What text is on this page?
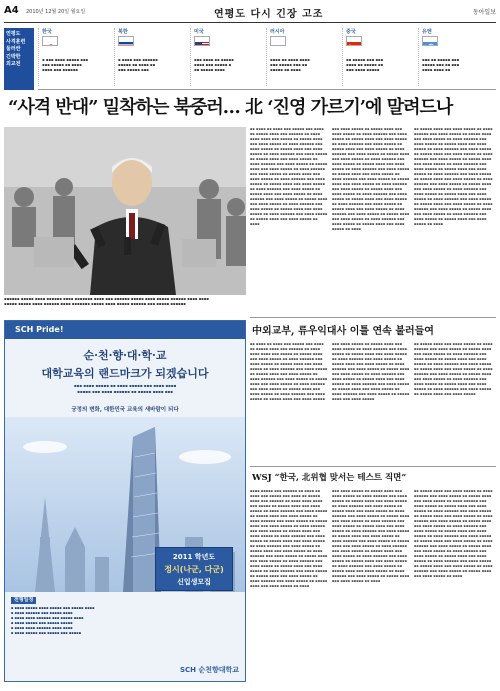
A4 2010년 12월 20일 월요일	연평도 다시 긴장 고조	동아일보
연평도
사격훈련
둘러싼
긴박한
외교전
한국
▪ ▪▪▪ ▪▪▪▪ ▪▪▪▪▪ ▪▪▪
▪▪▪ ▪▪▪▪▪ ▪▪ ▪▪▪▪
▪▪▪▪ ▪▪▪ ▪▪▪▪▪▪
북한
▪ ▪▪▪▪ ▪▪▪ ▪▪▪▪▪▪
▪▪▪▪▪ ▪▪ ▪▪▪▪ ▪▪
▪▪▪ ▪▪▪▪▪ ▪▪▪
미국
▪▪▪ ▪▪▪▪ ▪▪ ▪▪▪▪▪
▪▪▪▪ ▪▪▪ ▪▪▪▪▪ ▪
▪▪ ▪▪▪▪▪ ▪▪▪▪
러시아
▪▪▪▪ ▪▪ ▪▪▪▪ ▪▪▪▪
▪▪▪ ▪▪▪▪▪ ▪▪▪ ▪▪
▪▪▪▪▪ ▪▪ ▪▪▪▪
중국
▪▪ ▪▪▪▪▪ ▪▪▪ ▪▪▪
▪▪▪▪ ▪▪ ▪▪▪▪▪ ▪▪
▪▪▪ ▪▪▪▪ ▪▪▪▪▪
유엔
▪▪▪ ▪▪ ▪▪▪▪▪ ▪▪▪
▪▪▪▪▪ ▪▪▪ ▪▪ ▪▪▪
▪▪▪▪ ▪▪▪▪ ▪▪
“사격 반대” 밀착하는 북중러… 北 ‘진영 가르기’에 말려드나
▪▪▪▪▪▪ ▪▪▪▪▪ ▪▪▪▪ ▪▪▪▪▪▪ ▪▪▪▪ ▪▪▪▪▪▪▪ ▪▪▪▪ ▪▪▪ ▪▪▪▪▪▪ ▪▪▪▪▪ ▪▪▪▪ ▪▪▪▪▪ ▪▪▪▪▪▪ ▪▪▪▪ ▪▪▪▪
▪▪▪▪▪ ▪▪▪▪▪ ▪▪▪▪ ▪▪▪▪▪▪ ▪▪▪▪ ▪▪▪▪▪▪▪ ▪▪▪▪▪ ▪▪▪▪ ▪▪▪▪▪ ▪▪▪▪▪▪ ▪▪▪ ▪▪▪▪▪ ▪▪▪▪▪▪
▪▪ ▪▪▪▪ ▪▪ ▪▪▪▪ ▪▪▪ ▪▪▪▪▪ ▪▪▪ ▪▪▪▪ ▪▪ ▪▪▪▪▪ ▪▪▪▪ ▪▪▪ ▪▪▪▪▪▪ ▪▪ ▪▪▪▪ ▪▪▪▪ ▪▪▪▪ ▪▪▪ ▪▪▪▪▪ ▪▪ ▪▪▪▪▪ ▪▪▪▪ ▪▪▪ ▪▪▪▪ ▪▪▪▪▪ ▪▪ ▪▪▪▪ ▪▪▪▪▪▪ ▪▪▪ ▪▪▪▪ ▪▪▪▪▪ ▪▪ ▪▪▪▪▪ ▪▪▪▪ ▪▪▪ ▪▪▪▪ ▪▪▪▪▪ ▪▪ ▪▪▪▪ ▪▪▪▪▪▪ ▪▪▪ ▪▪▪▪ ▪▪▪▪▪ ▪▪ ▪▪▪▪▪ ▪▪▪▪ ▪▪▪ ▪▪▪▪ ▪▪▪▪▪ ▪▪ ▪▪▪▪ ▪▪▪▪▪▪ ▪▪▪ ▪▪▪▪ ▪▪▪▪▪ ▪▪ ▪▪▪▪▪ ▪▪▪▪ ▪▪▪ ▪▪▪▪ ▪▪▪▪▪ ▪▪ ▪▪▪▪ ▪▪▪▪▪▪ ▪▪▪ ▪▪▪▪ ▪▪▪▪▪ ▪▪ ▪▪▪▪▪ ▪▪▪▪ ▪▪▪ ▪▪▪▪ ▪▪▪▪▪ ▪▪ ▪▪▪▪ ▪▪▪▪▪▪ ▪▪▪ ▪▪▪▪ ▪▪▪▪▪ ▪▪ ▪▪▪▪▪ ▪▪▪▪ ▪▪▪ ▪▪▪▪ ▪▪▪▪▪ ▪▪ ▪▪▪▪ ▪▪▪▪▪▪ ▪▪▪ ▪▪▪▪ ▪▪▪▪▪ ▪▪ ▪▪▪▪▪ ▪▪▪▪ ▪▪▪ ▪▪▪▪ ▪▪▪▪▪ ▪▪ ▪▪▪▪ ▪▪▪▪▪▪ ▪▪▪ ▪▪▪▪ ▪▪▪▪▪ ▪▪ ▪▪▪▪▪ ▪▪▪▪ ▪▪▪ ▪▪▪▪ ▪▪▪▪▪ ▪▪ ▪▪▪▪ ▪▪▪▪▪▪ ▪▪▪ ▪▪▪▪ ▪▪▪▪▪ ▪▪ ▪▪▪▪▪ ▪▪▪▪ ▪▪▪ ▪▪▪▪ ▪▪▪▪▪ ▪▪ ▪▪▪▪ ▪▪▪▪▪▪ ▪▪▪ ▪▪▪▪ ▪▪▪▪▪ ▪▪ ▪▪▪▪▪ ▪▪▪▪ ▪▪▪ ▪▪▪▪ ▪▪▪▪▪ ▪▪ ▪▪▪▪
▪▪▪ ▪▪▪▪ ▪▪▪▪▪ ▪▪ ▪▪▪▪▪ ▪▪▪▪ ▪▪▪ ▪▪▪▪ ▪▪▪▪▪ ▪▪ ▪▪▪▪ ▪▪▪▪▪▪ ▪▪▪ ▪▪▪▪ ▪▪▪▪▪ ▪▪ ▪▪▪▪▪ ▪▪▪▪ ▪▪▪ ▪▪▪▪ ▪▪▪▪▪ ▪▪ ▪▪▪▪ ▪▪▪▪▪▪ ▪▪▪ ▪▪▪▪ ▪▪▪▪▪ ▪▪ ▪▪▪▪▪ ▪▪▪▪ ▪▪▪ ▪▪▪▪ ▪▪▪▪▪ ▪▪ ▪▪▪▪ ▪▪▪▪▪▪ ▪▪▪ ▪▪▪▪ ▪▪▪▪▪ ▪▪ ▪▪▪▪▪ ▪▪▪▪ ▪▪▪ ▪▪▪▪ ▪▪▪▪▪ ▪▪ ▪▪▪▪ ▪▪▪▪▪▪ ▪▪▪ ▪▪▪▪ ▪▪▪▪▪ ▪▪ ▪▪▪▪▪ ▪▪▪▪ ▪▪▪ ▪▪▪▪ ▪▪▪▪▪ ▪▪ ▪▪▪▪ ▪▪▪▪▪▪ ▪▪▪ ▪▪▪▪ ▪▪▪▪▪ ▪▪ ▪▪▪▪▪ ▪▪▪▪ ▪▪▪ ▪▪▪▪ ▪▪▪▪▪ ▪▪ ▪▪▪▪ ▪▪▪▪▪▪ ▪▪▪ ▪▪▪▪ ▪▪▪▪▪ ▪▪ ▪▪▪▪▪ ▪▪▪▪ ▪▪▪ ▪▪▪▪ ▪▪▪▪▪ ▪▪ ▪▪▪▪ ▪▪▪▪▪▪ ▪▪▪ ▪▪▪▪ ▪▪▪▪▪ ▪▪ ▪▪▪▪▪ ▪▪▪▪ ▪▪▪ ▪▪▪▪ ▪▪▪▪▪ ▪▪ ▪▪▪▪ ▪▪▪▪▪▪ ▪▪▪ ▪▪▪▪ ▪▪▪▪▪ ▪▪ ▪▪▪▪▪ ▪▪▪▪ ▪▪▪ ▪▪▪▪ ▪▪▪▪▪ ▪▪ ▪▪▪▪ ▪▪▪▪▪▪ ▪▪▪ ▪▪▪▪ ▪▪▪▪▪ ▪▪ ▪▪▪▪▪ ▪▪▪▪ ▪▪▪ ▪▪▪▪ ▪▪▪▪▪ ▪▪ ▪▪▪▪ ▪▪▪▪▪▪ ▪▪▪ ▪▪▪▪ ▪▪▪▪▪ ▪▪ ▪▪▪▪▪ ▪▪▪▪ ▪▪▪ ▪▪▪▪ ▪▪▪▪▪ ▪▪ ▪▪▪▪ ▪▪▪▪▪▪ ▪▪▪ ▪▪▪▪ ▪▪▪▪▪ ▪▪ ▪▪▪▪▪ ▪▪▪▪ ▪▪▪ ▪▪▪▪ ▪▪▪▪▪ ▪▪ ▪▪▪▪
▪▪ ▪▪▪▪▪ ▪▪▪▪ ▪▪▪ ▪▪▪▪ ▪▪▪▪▪ ▪▪ ▪▪▪▪ ▪▪▪▪▪▪ ▪▪▪ ▪▪▪▪ ▪▪▪▪▪ ▪▪ ▪▪▪▪▪ ▪▪▪▪ ▪▪▪ ▪▪▪▪ ▪▪▪▪▪ ▪▪ ▪▪▪▪ ▪▪▪▪▪▪ ▪▪▪ ▪▪▪▪ ▪▪▪▪▪ ▪▪ ▪▪▪▪▪ ▪▪▪▪ ▪▪▪ ▪▪▪▪ ▪▪▪▪▪ ▪▪ ▪▪▪▪ ▪▪▪▪▪▪ ▪▪▪ ▪▪▪▪ ▪▪▪▪▪ ▪▪ ▪▪▪▪▪ ▪▪▪▪ ▪▪▪ ▪▪▪▪ ▪▪▪▪▪ ▪▪ ▪▪▪▪ ▪▪▪▪▪▪ ▪▪▪ ▪▪▪▪ ▪▪▪▪▪ ▪▪ ▪▪▪▪▪ ▪▪▪▪ ▪▪▪ ▪▪▪▪ ▪▪▪▪▪ ▪▪ ▪▪▪▪ ▪▪▪▪▪▪ ▪▪▪ ▪▪▪▪ ▪▪▪▪▪ ▪▪ ▪▪▪▪▪ ▪▪▪▪ ▪▪▪ ▪▪▪▪ ▪▪▪▪▪ ▪▪ ▪▪▪▪ ▪▪▪▪▪▪ ▪▪▪ ▪▪▪▪ ▪▪▪▪▪ ▪▪ ▪▪▪▪▪ ▪▪▪▪ ▪▪▪ ▪▪▪▪ ▪▪▪▪▪ ▪▪ ▪▪▪▪ ▪▪▪▪▪▪ ▪▪▪ ▪▪▪▪ ▪▪▪▪▪ ▪▪ ▪▪▪▪▪ ▪▪▪▪ ▪▪▪ ▪▪▪▪ ▪▪▪▪▪ ▪▪ ▪▪▪▪ ▪▪▪▪▪▪ ▪▪▪ ▪▪▪▪ ▪▪▪▪▪ ▪▪ ▪▪▪▪▪ ▪▪▪▪ ▪▪▪ ▪▪▪▪ ▪▪▪▪▪ ▪▪ ▪▪▪▪ ▪▪▪▪▪▪ ▪▪▪ ▪▪▪▪ ▪▪▪▪▪ ▪▪ ▪▪▪▪▪ ▪▪▪▪ ▪▪▪ ▪▪▪▪ ▪▪▪▪▪ ▪▪ ▪▪▪▪ ▪▪▪▪▪▪ ▪▪▪ ▪▪▪▪ ▪▪▪▪▪ ▪▪ ▪▪▪▪▪ ▪▪▪▪ ▪▪▪ ▪▪▪▪ ▪▪▪▪▪ ▪▪ ▪▪▪▪ ▪▪▪▪▪▪ ▪▪▪ ▪▪▪▪ ▪▪▪▪▪ ▪▪ ▪▪▪▪▪ ▪▪▪▪ ▪▪▪ ▪▪▪▪ ▪▪▪▪▪ ▪▪ ▪▪▪▪
中외교부, 류우익대사 이틀 연속 불러들여
▪▪ ▪▪▪▪ ▪▪ ▪▪▪▪ ▪▪▪ ▪▪▪▪▪ ▪▪▪ ▪▪▪▪ ▪▪ ▪▪▪▪▪ ▪▪▪▪ ▪▪▪ ▪▪▪▪▪▪ ▪▪ ▪▪▪▪ ▪▪▪▪ ▪▪▪▪ ▪▪▪ ▪▪▪▪▪ ▪▪ ▪▪▪▪▪ ▪▪▪▪ ▪▪▪ ▪▪▪▪ ▪▪▪▪▪ ▪▪ ▪▪▪▪ ▪▪▪▪▪▪ ▪▪▪ ▪▪▪▪ ▪▪▪▪▪ ▪▪ ▪▪▪▪▪ ▪▪▪▪ ▪▪▪ ▪▪▪▪ ▪▪▪▪▪ ▪▪ ▪▪▪▪ ▪▪▪▪▪▪ ▪▪▪ ▪▪▪▪ ▪▪▪▪▪ ▪▪ ▪▪▪▪▪ ▪▪▪▪ ▪▪▪ ▪▪▪▪ ▪▪▪▪▪ ▪▪ ▪▪▪▪ ▪▪▪▪▪▪ ▪▪▪ ▪▪▪▪ ▪▪▪▪▪ ▪▪ ▪▪▪▪▪ ▪▪▪▪ ▪▪▪ ▪▪▪▪ ▪▪▪▪▪ ▪▪ ▪▪▪▪ ▪▪▪▪▪▪ ▪▪▪ ▪▪▪▪ ▪▪▪▪▪ ▪▪ ▪▪▪▪▪ ▪▪▪▪ ▪▪▪ ▪▪▪▪ ▪▪▪▪▪ ▪▪ ▪▪▪▪ ▪▪▪▪▪▪ ▪▪▪ ▪▪▪▪ ▪▪▪▪▪ ▪▪ ▪▪▪▪▪ ▪▪▪▪ ▪▪▪ ▪▪▪▪ ▪▪▪▪▪
▪▪▪ ▪▪▪▪ ▪▪▪▪▪ ▪▪ ▪▪▪▪▪ ▪▪▪▪ ▪▪▪ ▪▪▪▪ ▪▪▪▪▪ ▪▪ ▪▪▪▪ ▪▪▪▪▪▪ ▪▪▪ ▪▪▪▪ ▪▪▪▪▪ ▪▪ ▪▪▪▪▪ ▪▪▪▪ ▪▪▪ ▪▪▪▪ ▪▪▪▪▪ ▪▪ ▪▪▪▪ ▪▪▪▪▪▪ ▪▪▪ ▪▪▪▪ ▪▪▪▪▪ ▪▪ ▪▪▪▪▪ ▪▪▪▪ ▪▪▪ ▪▪▪▪ ▪▪▪▪▪ ▪▪ ▪▪▪▪ ▪▪▪▪▪▪ ▪▪▪ ▪▪▪▪ ▪▪▪▪▪ ▪▪ ▪▪▪▪▪ ▪▪▪▪ ▪▪▪ ▪▪▪▪ ▪▪▪▪▪ ▪▪ ▪▪▪▪ ▪▪▪▪▪▪ ▪▪▪ ▪▪▪▪ ▪▪▪▪▪ ▪▪ ▪▪▪▪▪ ▪▪▪▪ ▪▪▪ ▪▪▪▪ ▪▪▪▪▪ ▪▪ ▪▪▪▪ ▪▪▪▪▪▪ ▪▪▪ ▪▪▪▪ ▪▪▪▪▪ ▪▪ ▪▪▪▪▪ ▪▪▪▪ ▪▪▪ ▪▪▪▪ ▪▪▪▪▪ ▪▪ ▪▪▪▪ ▪▪▪▪▪▪ ▪▪▪ ▪▪▪▪ ▪▪▪▪▪ ▪▪ ▪▪▪▪▪ ▪▪▪▪ ▪▪▪ ▪▪▪▪ ▪▪▪▪▪
▪▪ ▪▪▪▪▪ ▪▪▪▪ ▪▪▪ ▪▪▪▪ ▪▪▪▪▪ ▪▪ ▪▪▪▪ ▪▪▪▪▪▪ ▪▪▪ ▪▪▪▪ ▪▪▪▪▪ ▪▪ ▪▪▪▪▪ ▪▪▪▪ ▪▪▪ ▪▪▪▪ ▪▪▪▪▪ ▪▪ ▪▪▪▪ ▪▪▪▪▪▪ ▪▪▪ ▪▪▪▪ ▪▪▪▪▪ ▪▪ ▪▪▪▪▪ ▪▪▪▪ ▪▪▪ ▪▪▪▪ ▪▪▪▪▪ ▪▪ ▪▪▪▪ ▪▪▪▪▪▪ ▪▪▪ ▪▪▪▪ ▪▪▪▪▪ ▪▪ ▪▪▪▪▪ ▪▪▪▪ ▪▪▪ ▪▪▪▪ ▪▪▪▪▪ ▪▪ ▪▪▪▪ ▪▪▪▪▪▪ ▪▪▪ ▪▪▪▪ ▪▪▪▪▪ ▪▪ ▪▪▪▪▪ ▪▪▪▪ ▪▪▪ ▪▪▪▪ ▪▪▪▪▪ ▪▪ ▪▪▪▪ ▪▪▪▪▪▪ ▪▪▪ ▪▪▪▪ ▪▪▪▪▪ ▪▪ ▪▪▪▪▪ ▪▪▪▪ ▪▪▪ ▪▪▪▪ ▪▪▪▪▪ ▪▪ ▪▪▪▪ ▪▪▪▪▪▪ ▪▪▪ ▪▪▪▪ ▪▪▪▪▪ ▪▪ ▪▪▪▪▪ ▪▪▪▪ ▪▪▪ ▪▪▪▪ ▪▪▪▪▪
WSJ “한국, 北위협 맞서는 테스트 직면”
▪▪▪▪ ▪▪▪▪▪ ▪▪▪ ▪▪▪▪▪▪ ▪▪ ▪▪▪▪ ▪▪ ▪▪▪▪ ▪▪▪ ▪▪▪▪▪ ▪▪▪ ▪▪▪▪ ▪▪ ▪▪▪▪▪ ▪▪▪▪ ▪▪▪ ▪▪▪▪▪▪ ▪▪ ▪▪▪▪ ▪▪▪▪ ▪▪▪▪ ▪▪▪ ▪▪▪▪▪ ▪▪ ▪▪▪▪▪ ▪▪▪▪ ▪▪▪ ▪▪▪▪ ▪▪▪▪▪ ▪▪ ▪▪▪▪ ▪▪▪▪▪▪ ▪▪▪ ▪▪▪▪ ▪▪▪▪▪ ▪▪ ▪▪▪▪▪ ▪▪▪▪ ▪▪▪ ▪▪▪▪ ▪▪▪▪▪ ▪▪ ▪▪▪▪ ▪▪▪▪▪▪ ▪▪▪ ▪▪▪▪ ▪▪▪▪▪ ▪▪ ▪▪▪▪▪ ▪▪▪▪ ▪▪▪ ▪▪▪▪ ▪▪▪▪▪ ▪▪ ▪▪▪▪ ▪▪▪▪▪▪ ▪▪▪ ▪▪▪▪ ▪▪▪▪▪ ▪▪ ▪▪▪▪▪ ▪▪▪▪ ▪▪▪ ▪▪▪▪ ▪▪▪▪▪ ▪▪ ▪▪▪▪ ▪▪▪▪▪▪ ▪▪▪ ▪▪▪▪ ▪▪▪▪▪ ▪▪ ▪▪▪▪▪ ▪▪▪▪ ▪▪▪ ▪▪▪▪ ▪▪▪▪▪ ▪▪ ▪▪▪▪ ▪▪▪▪▪▪ ▪▪▪ ▪▪▪▪ ▪▪▪▪▪ ▪▪ ▪▪▪▪▪ ▪▪▪▪ ▪▪▪ ▪▪▪▪ ▪▪▪▪▪ ▪▪ ▪▪▪▪ ▪▪▪▪▪▪ ▪▪▪ ▪▪▪▪ ▪▪▪▪▪ ▪▪ ▪▪▪▪▪ ▪▪▪▪ ▪▪▪ ▪▪▪▪ ▪▪▪▪▪ ▪▪ ▪▪▪▪ ▪▪▪▪▪▪ ▪▪▪ ▪▪▪▪ ▪▪▪▪▪ ▪▪ ▪▪▪▪▪ ▪▪▪▪ ▪▪▪ ▪▪▪▪ ▪▪▪▪▪ ▪▪ ▪▪▪▪ ▪▪▪▪▪▪ ▪▪▪ ▪▪▪▪ ▪▪▪▪▪ ▪▪ ▪▪▪▪▪ ▪▪▪▪ ▪▪▪ ▪▪▪▪ ▪▪▪▪▪ ▪▪ ▪▪▪▪ ▪▪▪▪▪▪ ▪▪▪ ▪▪▪▪ ▪▪▪▪▪ ▪▪ ▪▪▪▪▪ ▪▪▪▪ ▪▪▪ ▪▪▪▪ ▪▪▪▪▪ ▪▪ ▪▪▪▪
▪▪▪ ▪▪▪▪ ▪▪▪▪▪ ▪▪ ▪▪▪▪▪ ▪▪▪▪ ▪▪▪ ▪▪▪▪ ▪▪▪▪▪ ▪▪ ▪▪▪▪ ▪▪▪▪▪▪ ▪▪▪ ▪▪▪▪ ▪▪▪▪▪ ▪▪ ▪▪▪▪▪ ▪▪▪▪ ▪▪▪ ▪▪▪▪ ▪▪▪▪▪ ▪▪ ▪▪▪▪ ▪▪▪▪▪▪ ▪▪▪ ▪▪▪▪ ▪▪▪▪▪ ▪▪ ▪▪▪▪▪ ▪▪▪▪ ▪▪▪ ▪▪▪▪ ▪▪▪▪▪ ▪▪ ▪▪▪▪ ▪▪▪▪▪▪ ▪▪▪ ▪▪▪▪ ▪▪▪▪▪ ▪▪ ▪▪▪▪▪ ▪▪▪▪ ▪▪▪ ▪▪▪▪ ▪▪▪▪▪ ▪▪ ▪▪▪▪ ▪▪▪▪▪▪ ▪▪▪ ▪▪▪▪ ▪▪▪▪▪ ▪▪ ▪▪▪▪▪ ▪▪▪▪ ▪▪▪ ▪▪▪▪ ▪▪▪▪▪ ▪▪ ▪▪▪▪ ▪▪▪▪▪▪ ▪▪▪ ▪▪▪▪ ▪▪▪▪▪ ▪▪ ▪▪▪▪▪ ▪▪▪▪ ▪▪▪ ▪▪▪▪ ▪▪▪▪▪ ▪▪ ▪▪▪▪ ▪▪▪▪▪▪ ▪▪▪ ▪▪▪▪ ▪▪▪▪▪ ▪▪ ▪▪▪▪▪ ▪▪▪▪ ▪▪▪ ▪▪▪▪ ▪▪▪▪▪ ▪▪ ▪▪▪▪ ▪▪▪▪▪▪ ▪▪▪ ▪▪▪▪ ▪▪▪▪▪ ▪▪ ▪▪▪▪▪ ▪▪▪▪ ▪▪▪ ▪▪▪▪ ▪▪▪▪▪ ▪▪ ▪▪▪▪ ▪▪▪▪▪▪ ▪▪▪ ▪▪▪▪ ▪▪▪▪▪ ▪▪ ▪▪▪▪▪ ▪▪▪▪ ▪▪▪ ▪▪▪▪ ▪▪▪▪▪ ▪▪ ▪▪▪▪ ▪▪▪▪▪▪ ▪▪▪ ▪▪▪▪ ▪▪▪▪▪ ▪▪ ▪▪▪▪▪ ▪▪▪▪ ▪▪▪ ▪▪▪▪ ▪▪▪▪▪ ▪▪ ▪▪▪▪ ▪▪▪▪▪▪ ▪▪▪ ▪▪▪▪ ▪▪▪▪▪ ▪▪ ▪▪▪▪▪ ▪▪▪▪ ▪▪▪ ▪▪▪▪ ▪▪▪▪▪ ▪▪ ▪▪▪▪
▪▪ ▪▪▪▪▪ ▪▪▪▪ ▪▪▪ ▪▪▪▪ ▪▪▪▪▪ ▪▪ ▪▪▪▪ ▪▪▪▪▪▪ ▪▪▪ ▪▪▪▪ ▪▪▪▪▪ ▪▪ ▪▪▪▪▪ ▪▪▪▪ ▪▪▪ ▪▪▪▪ ▪▪▪▪▪ ▪▪ ▪▪▪▪ ▪▪▪▪▪▪ ▪▪▪ ▪▪▪▪ ▪▪▪▪▪ ▪▪ ▪▪▪▪▪ ▪▪▪▪ ▪▪▪ ▪▪▪▪ ▪▪▪▪▪ ▪▪ ▪▪▪▪ ▪▪▪▪▪▪ ▪▪▪ ▪▪▪▪ ▪▪▪▪▪ ▪▪ ▪▪▪▪▪ ▪▪▪▪ ▪▪▪ ▪▪▪▪ ▪▪▪▪▪ ▪▪ ▪▪▪▪ ▪▪▪▪▪▪ ▪▪▪ ▪▪▪▪ ▪▪▪▪▪ ▪▪ ▪▪▪▪▪ ▪▪▪▪ ▪▪▪ ▪▪▪▪ ▪▪▪▪▪ ▪▪ ▪▪▪▪ ▪▪▪▪▪▪ ▪▪▪ ▪▪▪▪ ▪▪▪▪▪ ▪▪ ▪▪▪▪▪ ▪▪▪▪ ▪▪▪ ▪▪▪▪ ▪▪▪▪▪ ▪▪ ▪▪▪▪ ▪▪▪▪▪▪ ▪▪▪ ▪▪▪▪ ▪▪▪▪▪ ▪▪ ▪▪▪▪▪ ▪▪▪▪ ▪▪▪ ▪▪▪▪ ▪▪▪▪▪ ▪▪ ▪▪▪▪ ▪▪▪▪▪▪ ▪▪▪ ▪▪▪▪ ▪▪▪▪▪ ▪▪ ▪▪▪▪▪ ▪▪▪▪ ▪▪▪ ▪▪▪▪ ▪▪▪▪▪ ▪▪ ▪▪▪▪ ▪▪▪▪▪▪ ▪▪▪ ▪▪▪▪ ▪▪▪▪▪ ▪▪ ▪▪▪▪▪ ▪▪▪▪ ▪▪▪ ▪▪▪▪ ▪▪▪▪▪ ▪▪ ▪▪▪▪ ▪▪▪▪▪▪ ▪▪▪ ▪▪▪▪ ▪▪▪▪▪ ▪▪ ▪▪▪▪▪ ▪▪▪▪ ▪▪▪ ▪▪▪▪ ▪▪▪▪▪ ▪▪ ▪▪▪▪ ▪▪▪▪▪▪ ▪▪▪ ▪▪▪▪ ▪▪▪▪▪ ▪▪ ▪▪▪▪▪ ▪▪▪▪ ▪▪▪ ▪▪▪▪ ▪▪▪▪▪ ▪▪ ▪▪▪▪
SCH Pride!
순·천·향·대·학·교
대학교육의 랜드마크가 되겠습니다
▪▪▪ ▪▪▪▪ ▪▪▪▪▪ ▪▪ ▪▪▪▪ ▪▪▪▪▪ ▪▪▪ ▪▪▪▪ ▪▪▪▪
▪▪▪▪▪ ▪▪▪ ▪▪▪▪ ▪▪▪▪▪▪ ▪▪ ▪▪▪▪▪ ▪▪▪▪ ▪▪▪
궁정의 변화, 대한민국 교육의 새바람이 되다
2011 학년도
정시(나군, 다군)
신입생모집
전형일정
▪ ▪▪▪▪ ▪▪▪▪▪ ▪▪▪▪ ▪▪▪▪▪ ▪▪▪ ▪▪▪▪▪ ▪▪▪▪
▪ ▪▪▪▪ ▪▪▪▪▪▪ ▪▪▪ ▪▪▪▪▪ ▪▪▪▪
▪ ▪▪▪▪ ▪▪▪▪ ▪▪▪▪▪▪ ▪▪▪ ▪▪▪▪▪ ▪▪▪▪
▪ ▪▪▪▪ ▪▪▪▪▪ ▪▪▪ ▪▪▪▪▪ ▪▪▪▪▪
▪ ▪▪▪▪ ▪▪▪▪ ▪▪▪▪▪▪ ▪▪▪▪ ▪▪▪▪
▪ ▪▪▪▪ ▪▪▪▪▪ ▪▪▪ ▪▪▪▪▪ ▪▪▪ ▪▪▪▪▪
SCH 순천향대학교
